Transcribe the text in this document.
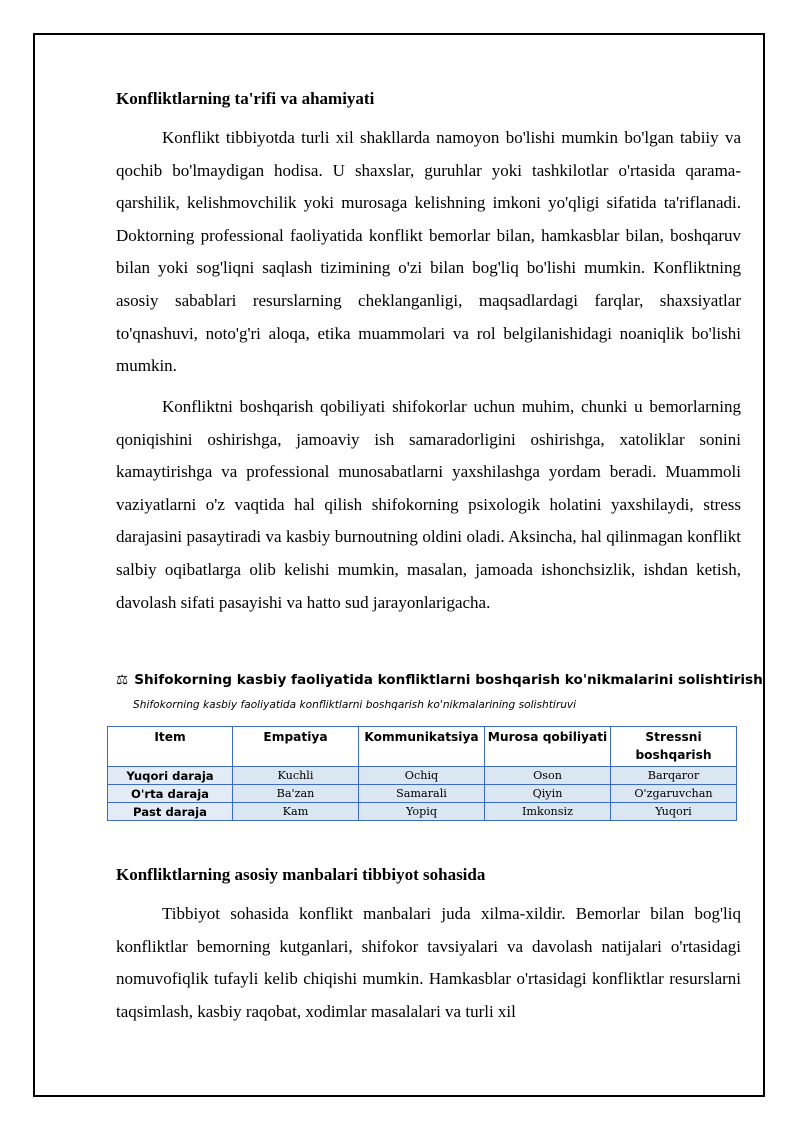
Konfliktlarning ta'rifi va ahamiyati

Konflikt tibbiyotda turli xil shakllarda namoyon bo'lishi mumkin bo'lgan tabiiy va qochib bo'lmaydigan hodisa. U shaxslar, guruhlar yoki tashkilotlar o'rtasida qarama-qarshilik, kelishmovchilik yoki murosaga kelishning imkoni yo'qligi sifatida ta'riflanadi. Doktorning professional faoliyatida konflikt bemorlar bilan, hamkasblar bilan, boshqaruv bilan yoki sog'liqni saqlash tizimining o'zi bilan bog'liq bo'lishi mumkin. Konfliktning asosiy sabablari resurslarning cheklanganligi, maqsadlardagi farqlar, shaxsiyatlar to'qnashuvi, noto'g'ri aloqa, etika muammolari va rol belgilanishidagi noaniqlik bo'lishi mumkin.

Konfliktni boshqarish qobiliyati shifokorlar uchun muhim, chunki u bemorlarning qoniqishini oshirishga, jamoaviy ish samaradorligini oshirishga, xatoliklar sonini kamaytirishga va professional munosabatlarni yaxshilashga yordam beradi. Muammoli vaziyatlarni o'z vaqtida hal qilish shifokorning psixologik holatini yaxshilaydi, stress darajasini pasaytiradi va kasbiy burnoutning oldini oladi. Aksincha, hal qilinmagan konflikt salbiy oqibatlarga olib kelishi mumkin, masalan, jamoada ishonchsizlik, ishdan ketish, davolash sifati pasayishi va hatto sud jarayonlarigacha.

⚖ Shifokorning kasbiy faoliyatida konfliktlarni boshqarish ko'nikmalarini solishtirish
Shifokorning kasbiy faoliyatida konfliktlarni boshqarish ko'nikmalarining solishtiruvi
Item	Empatiya	Kommunikatsiya	Murosa qobiliyati	Stressni boshqarish
Yuqori daraja	Kuchli	Ochiq	Oson	Barqaror
O'rta daraja	Ba'zan	Samarali	Qiyin	O'zgaruvchan
Past daraja	Kam	Yopiq	Imkonsiz	Yuqori
Konfliktlarning asosiy manbalari tibbiyot sohasida

Tibbiyot sohasida konflikt manbalari juda xilma-xildir. Bemorlar bilan bog'liq konfliktlar bemorning kutganlari, shifokor tavsiyalari va davolash natijalari o'rtasidagi nomuvofiqlik tufayli kelib chiqishi mumkin. Hamkasblar o'rtasidagi konfliktlar resurslarni taqsimlash, kasbiy raqobat, xodimlar masalalari va turli xil
